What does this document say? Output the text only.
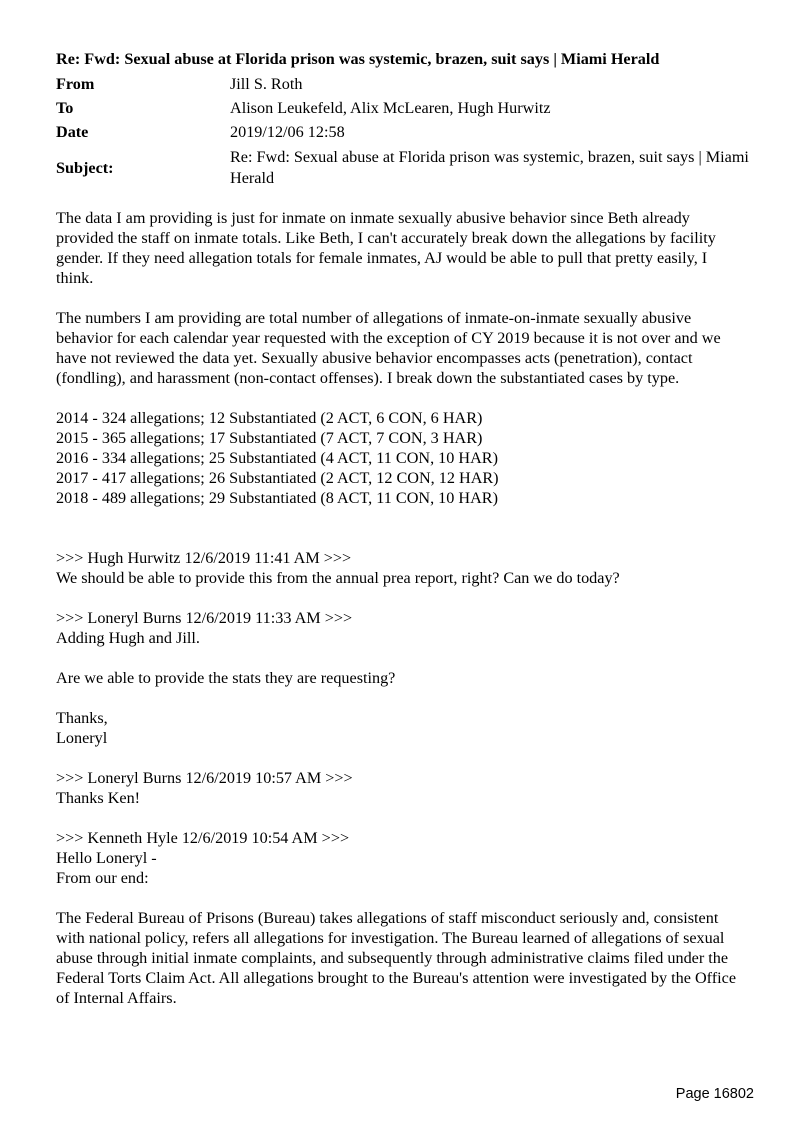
Re: Fwd: Sexual abuse at Florida prison was systemic, brazen, suit says | Miami Herald
From	Jill S. Roth
To	Alison Leukefeld, Alix McLearen, Hugh Hurwitz
Date	2019/12/06 12:58
Subject:	Re: Fwd: Sexual abuse at Florida prison was systemic, brazen, suit says | Miami Herald

The data I am providing is just for inmate on inmate sexually abusive behavior since Beth already provided the staff on inmate totals. Like Beth, I can't accurately break down the allegations by facility gender. If they need allegation totals for female inmates, AJ would be able to pull that pretty easily, I think.

The numbers I am providing are total number of allegations of inmate-on-inmate sexually abusive behavior for each calendar year requested with the exception of CY 2019 because it is not over and we have not reviewed the data yet. Sexually abusive behavior encompasses acts (penetration), contact (fondling), and harassment (non-contact offenses). I break down the substantiated cases by type.

2014 - 324 allegations; 12 Substantiated (2 ACT, 6 CON, 6 HAR)
2015 - 365 allegations; 17 Substantiated (7 ACT, 7 CON, 3 HAR)
2016 - 334 allegations; 25 Substantiated (4 ACT, 11 CON, 10 HAR)
2017 - 417 allegations; 26 Substantiated (2 ACT, 12 CON, 12 HAR)
2018 - 489 allegations; 29 Substantiated (8 ACT, 11 CON, 10 HAR)

>>> Hugh Hurwitz 12/6/2019 11:41 AM >>>

We should be able to provide this from the annual prea report, right? Can we do today?

>>> Loneryl Burns 12/6/2019 11:33 AM >>>

Adding Hugh and Jill.

Are we able to provide the stats they are requesting?

Thanks,

Loneryl

>>> Loneryl Burns 12/6/2019 10:57 AM >>>

Thanks Ken!

>>> Kenneth Hyle 12/6/2019 10:54 AM >>>

Hello Loneryl -

From our end:

The Federal Bureau of Prisons (Bureau) takes allegations of staff misconduct seriously and, consistent with national policy, refers all allegations for investigation. The Bureau learned of allegations of sexual abuse through initial inmate complaints, and subsequently through administrative claims filed under the Federal Torts Claim Act. All allegations brought to the Bureau's attention were investigated by the Office of Internal Affairs.

Page 16802
